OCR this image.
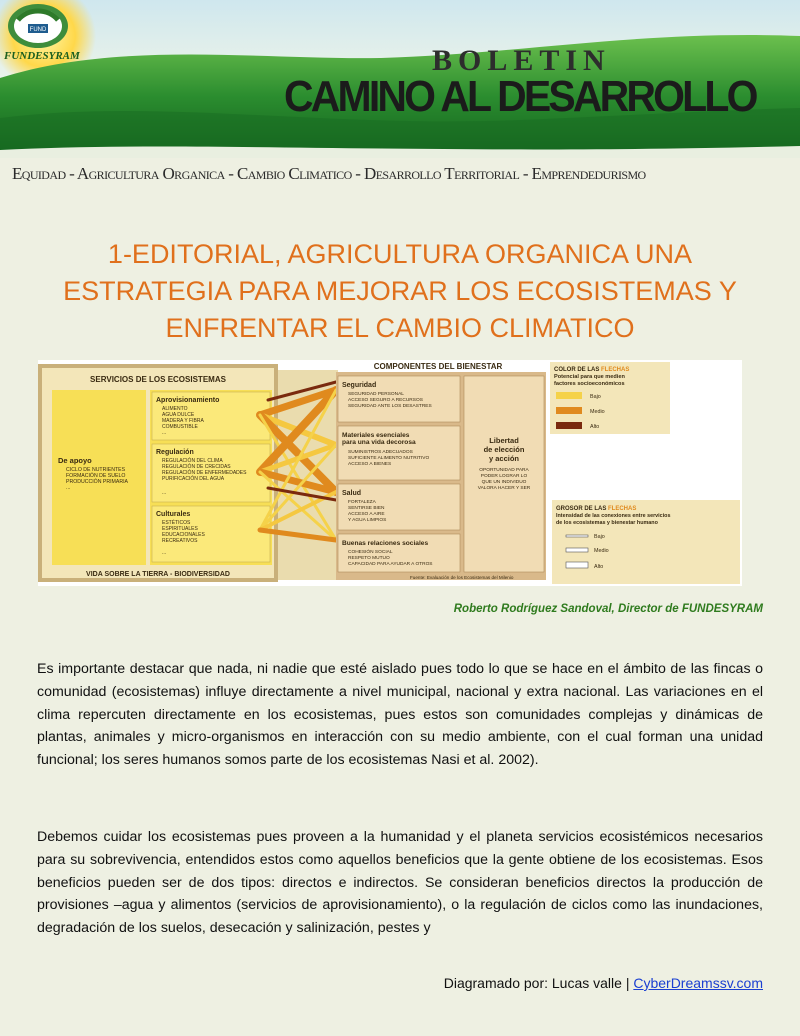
FUND
FUNDESYRAM	BOLETIN
CAMINO AL DESARROLLO
Equidad - Agricultura Organica - Cambio Climatico - Desarrollo Territorial - Emprendedurismo
1-EDITORIAL, AGRICULTURA ORGANICA UNA ESTRATEGIA PARA MEJORAR LOS ECOSISTEMAS Y ENFRENTAR EL CAMBIO CLIMATICO
SERVICIOS DE LOS ECOSISTEMAS
De apoyo
CICLO DE NUTRIENTES
FORMACIÓN DE SUELO
PRODUCCIÓN PRIMARIA
...
Aprovisionamiento
ALIMENTO
AGUA DULCE
MADERA Y FIBRA
COMBUSTIBLE
...
Regulación
REGULACIÓN DEL CLIMA
REGULACIÓN DE CRECIDAS
REGULACIÓN DE ENFERMEDADES
PURIFICACIÓN DEL AGUA
...
Culturales
ESTÉTICOS
ESPIRITUALES
EDUCACIONALES
RECREATIVOS
...
VIDA SOBRE LA TIERRA - BIODIVERSIDAD
COMPONENTES DEL BIENESTAR
Seguridad
SEGURIDAD PERSONAL
ACCESO SEGURO A RECURSOS
SEGURIDAD ANTE LOS DESASTRES
Materiales esenciales
para una vida decorosa
SUMINISTROS ADECUADOS
SUFICIENTE ALIMENTO NUTRITIVO
ACCESO A BIENES
Salud
FORTALEZA
SENTIRSE BIEN
ACCESO A AIRE
Y AGUA LIMPIOS
Buenas relaciones sociales
COHESIÓN SOCIAL
RESPETO MUTUO
CAPACIDAD PARA AYUDAR A OTROS
Libertad
de elección
y acción
OPORTUNIDAD PARA
PODER LOGRAR LO
QUE UN INDIVIDUO
VALORA HACER Y SER
Fuente: Evaluación de los Ecosistemas del Milenio
COLOR DE LAS FLECHAS
Potencial para que medien
factores socioeconómicos
Bajo
Medio
Alto
GROSOR DE LAS FLECHAS
Intensidad de las conexiones entre servicios
de los ecosistemas y bienestar humano
Bajo
Medio
Alto
Roberto Rodríguez Sandoval, Director de FUNDESYRAM

Es importante destacar que nada, ni nadie que esté aislado pues todo lo que se hace en el ámbito de las fincas o comunidad (ecosistemas) influye directamente a nivel municipal, nacional y extra nacional. Las variaciones en el clima repercuten directamente en los ecosistemas, pues estos son comunidades complejas y dinámicas de plantas, animales y micro-organismos en interacción con su medio ambiente, con el cual forman una unidad funcional; los seres humanos somos parte de los ecosistemas Nasi et al. 2002).

Debemos cuidar los ecosistemas pues proveen a la humanidad y el planeta servicios ecosistémicos necesarios para su sobrevivencia, entendidos estos como aquellos beneficios que la gente obtiene de los ecosistemas. Esos beneficios pueden ser de dos tipos: directos e indirectos. Se consideran beneficios directos la producción de provisiones –agua y alimentos (servicios de aprovisionamiento), o la regulación de ciclos como las inundaciones, degradación de los suelos, desecación y salinización, pestes y

Diagramado por: Lucas valle | CyberDreamssv.com
